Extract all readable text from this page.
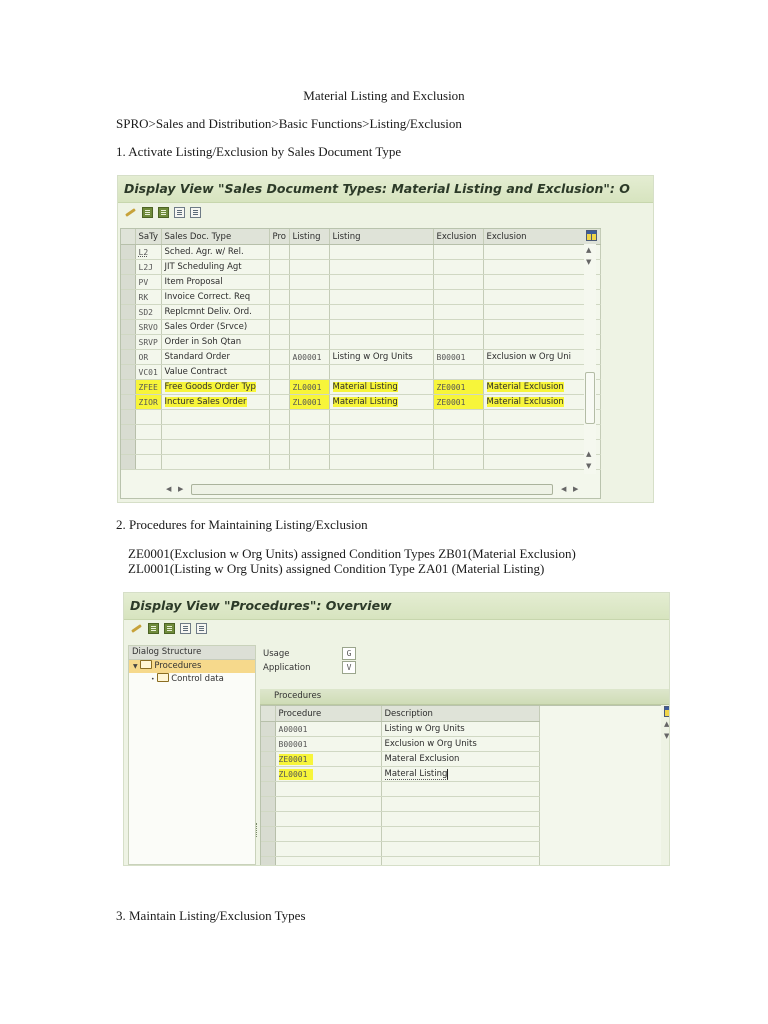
Material Listing and Exclusion
SPRO>Sales and Distribution>Basic Functions>Listing/Exclusion
1. Activate Listing/Exclusion by Sales Document Type
Display View "Sales Document Types: Material Listing and Exclusion": O
	SaTy	Sales Doc. Type	Pro	Listing	Listing	Exclusion	Exclusion
	L2	Sched. Agr. w/ Rel.					
	L2J	JIT Scheduling Agt					
	PV	Item Proposal					
	RK	Invoice Correct. Req					
	SD2	Replcmnt Deliv. Ord.					
	SRVO	Sales Order (Srvce)					
	SRVP	Order in Soh Qtan					
	OR	Standard Order		A00001	Listing w Org Units	B00001	Exclusion w Org Uni
	VC01	Value Contract					
	ZFEE	Free Goods Order Typ		ZL0001	Material Listing	ZE0001	Material Exclusion
	ZIOR	Incture Sales Order		ZL0001	Material Listing	ZE0001	Material Exclusion

◀ ▶	◀ ▶
▲
▼
▲
▼
2. Procedures for Maintaining Listing/Exclusion
ZE0001(Exclusion w Org Units) assigned Condition Types ZB01(Material Exclusion)
ZL0001(Listing w Org Units) assigned Condition Type ZA01 (Material Listing)
Display View "Procedures": Overview
Dialog Structure
▼ Procedures
• Control data
Usage	G
Application	V
Procedures
	Procedure	Description
	A00001	Listing w Org Units
	B00001	Exclusion w Org Units
	ZE0001	Materal Exclusion
	ZL0001	Materal Listing

▲
▼
3. Maintain Listing/Exclusion Types
